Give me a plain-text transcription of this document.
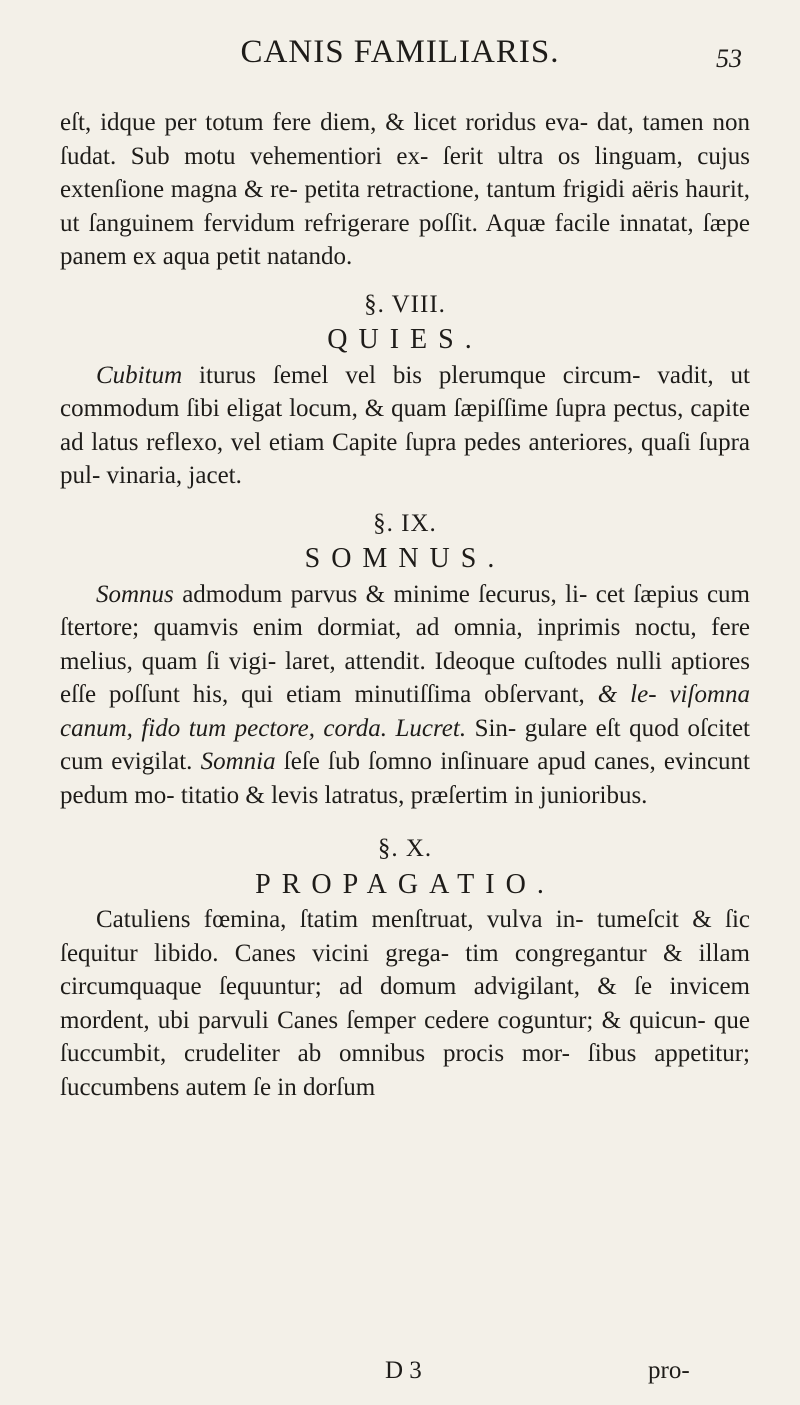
CANIS FAMILIARIS.	53

eſt, idque per totum fere diem, & licet roridus eva- dat, tamen non ſudat. Sub motu vehementiori ex- ſerit ultra os linguam, cujus extenſione magna & re- petita retractione, tantum frigidi aëris haurit, ut ſanguinem fervidum refrigerare poſſit. Aquæ facile innatat, ſæpe panem ex aqua petit natando.

§. VIII.

QUIES.

Cubitum iturus ſemel vel bis plerumque circum- vadit, ut commodum ſibi eligat locum, & quam ſæpiſſime ſupra pectus, capite ad latus reflexo, vel etiam Capite ſupra pedes anteriores, quaſi ſupra pul- vinaria, jacet.

§. IX.

SOMNUS.

Somnus admodum parvus & minime ſecurus, li- cet ſæpius cum ſtertore; quamvis enim dormiat, ad omnia, inprimis noctu, fere melius, quam ſi vigi- laret, attendit. Ideoque cuſtodes nulli aptiores eſſe poſſunt his, qui etiam minutiſſima obſervant, & le- viſomna canum, fido tum pectore, corda. Lucret. Sin- gulare eſt quod oſcitet cum evigilat. Somnia ſeſe ſub ſomno inſinuare apud canes, evincunt pedum mo- titatio & levis latratus, præſertim in junioribus.

§. X.

PROPAGATIO.

Catuliens fœmina, ſtatim menſtruat, vulva in- tumeſcit & ſic ſequitur libido. Canes vicini grega- tim congregantur & illam circumquaque ſequuntur; ad domum advigilant, & ſe invicem mordent, ubi parvuli Canes ſemper cedere coguntur; & quicun- que ſuccumbit, crudeliter ab omnibus procis mor- ſibus appetitur; ſuccumbens autem ſe in dorſum

D 3	pro-
